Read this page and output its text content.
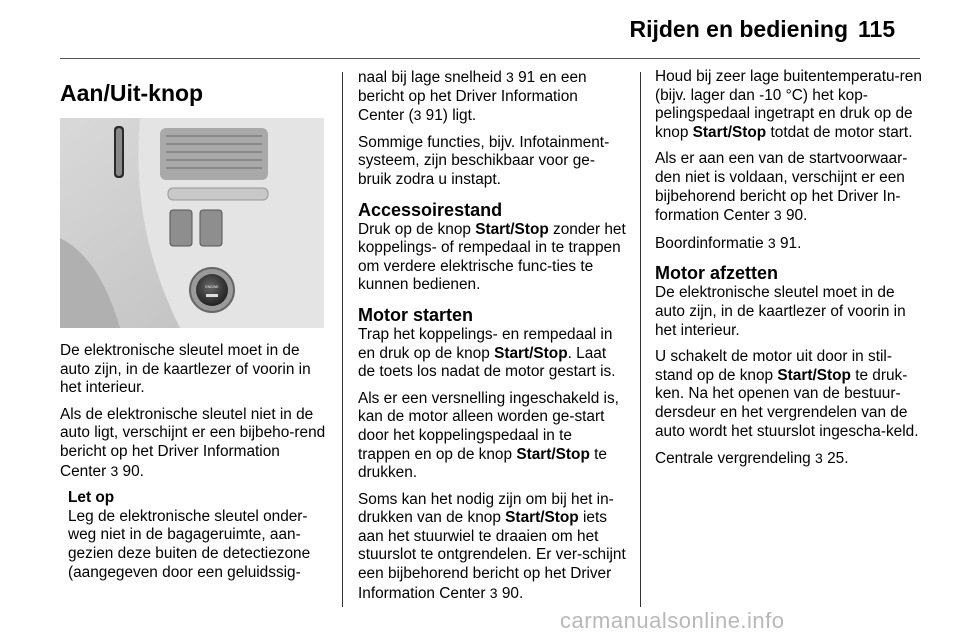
Rijden en bediening 115
Aan/Uit-knop
ENGINE

De elektronische sleutel moet in de auto zijn, in de kaartlezer of voorin in het interieur.

Als de elektronische sleutel niet in de auto ligt, verschijnt er een bijbeho-rend bericht op het Driver Information Center 3 90.

Let op
Leg de elektronische sleutel onder-weg niet in de bagageruimte, aan-gezien deze buiten de detectiezone (aangegeven door een geluidssig-

naal bij lage snelheid 3 91 en een bericht op het Driver Information Center (3 91) ligt.

Sommige functies, bijv. Infotainment-systeem, zijn beschikbaar voor ge-bruik zodra u instapt.

Accessoirestand

Druk op de knop Start/Stop zonder het koppelings- of rempedaal in te trappen om verdere elektrische func-ties te kunnen bedienen.

Motor starten

Trap het koppelings- en rempedaal in en druk op de knop Start/Stop. Laat de toets los nadat de motor gestart is.

Als er een versnelling ingeschakeld is, kan de motor alleen worden ge-start door het koppelingspedaal in te trappen en op de knop Start/Stop te drukken.

Soms kan het nodig zijn om bij het in-drukken van de knop Start/Stop iets aan het stuurwiel te draaien om het stuurslot te ontgrendelen. Er ver-schijnt een bijbehorend bericht op het Driver Information Center 3 90.

Houd bij zeer lage buitentemperatu-ren (bijv. lager dan -10 °C) het kop-pelingspedaal ingetrapt en druk op de knop Start/Stop totdat de motor start.

Als er aan een van de startvoorwaar-den niet is voldaan, verschijnt er een bijbehorend bericht op het Driver In-formation Center 3 90.

Boordinformatie 3 91.

Motor afzetten

De elektronische sleutel moet in de auto zijn, in de kaartlezer of voorin in het interieur.

U schakelt de motor uit door in stil-stand op de knop Start/Stop te druk-ken. Na het openen van de bestuur-dersdeur en het vergrendelen van de auto wordt het stuurslot ingescha-keld.

Centrale vergrendeling 3 25.

carmanualsonline.info
